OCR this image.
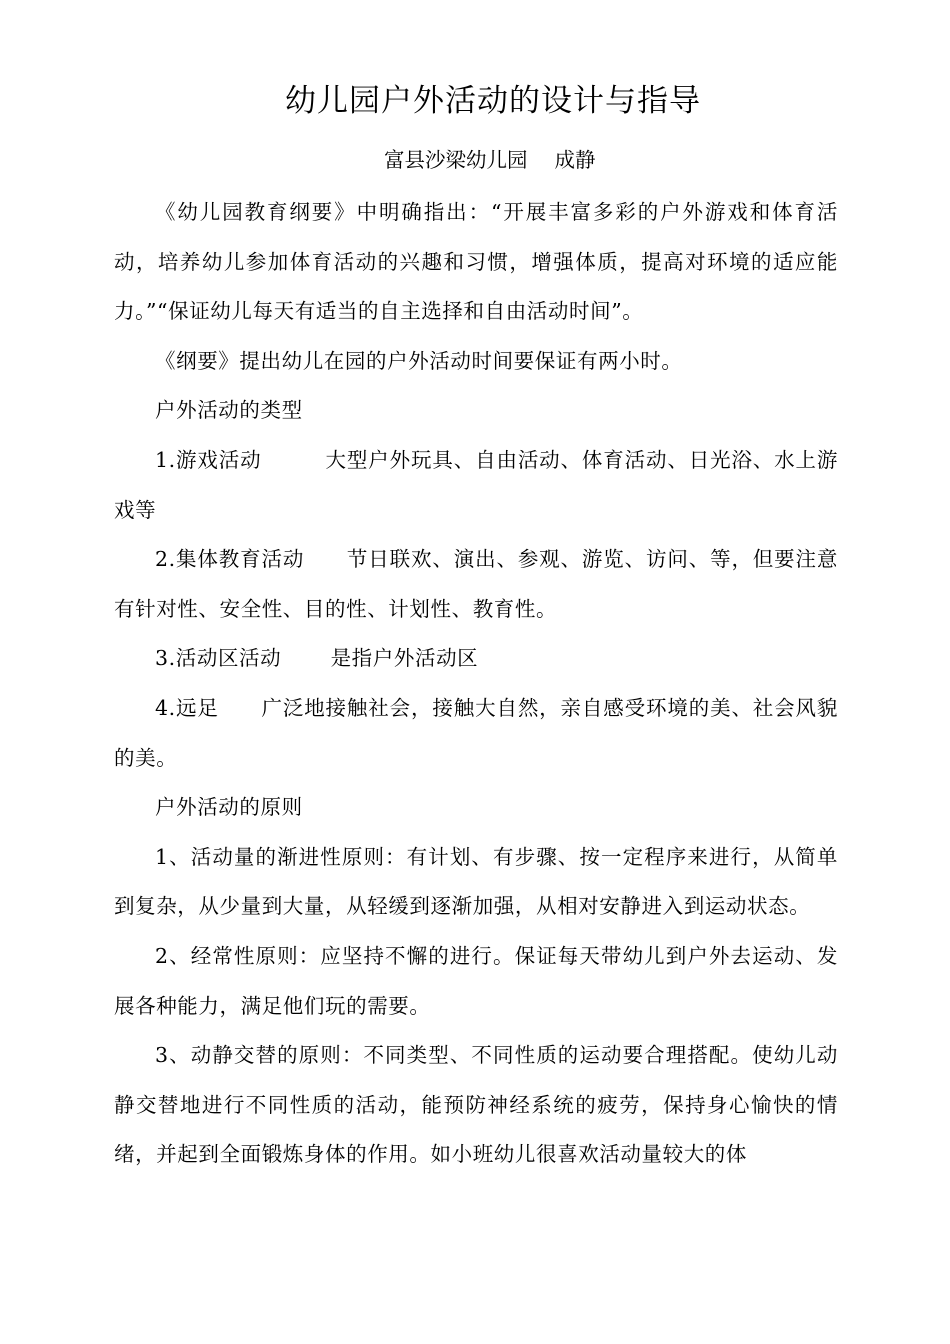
幼儿园户外活动的设计与指导
富县沙梁幼儿园　 成静

《幼儿园教育纲要》中明确指出：“开展丰富多彩的户外游戏和体育活动，培养幼儿参加体育活动的兴趣和习惯，增强体质，提高对环境的适应能力。”“保证幼儿每天有适当的自主选择和自由活动时间”。

《纲要》提出幼儿在园的户外活动时间要保证有两小时。

户外活动的类型

1.游戏活动　　　大型户外玩具、自由活动、体育活动、日光浴、水上游戏等

2.集体教育活动　　节日联欢、演出、参观、游览、访问、等，但要注意有针对性、安全性、目的性、计划性、教育性。

3.活动区活动　　 是指户外活动区

4.远足　　广泛地接触社会，接触大自然，亲自感受环境的美、社会风貌的美。

户外活动的原则

1、活动量的渐进性原则：有计划、有步骤、按一定程序来进行，从简单到复杂，从少量到大量，从轻缓到逐渐加强，从相对安静进入到运动状态。

2、经常性原则：应坚持不懈的进行。保证每天带幼儿到户外去运动、发展各种能力，满足他们玩的需要。

3、动静交替的原则：不同类型、不同性质的运动要合理搭配。使幼儿动静交替地进行不同性质的活动，能预防神经系统的疲劳，保持身心愉快的情绪，并起到全面锻炼身体的作用。如小班幼儿很喜欢活动量较大的体
